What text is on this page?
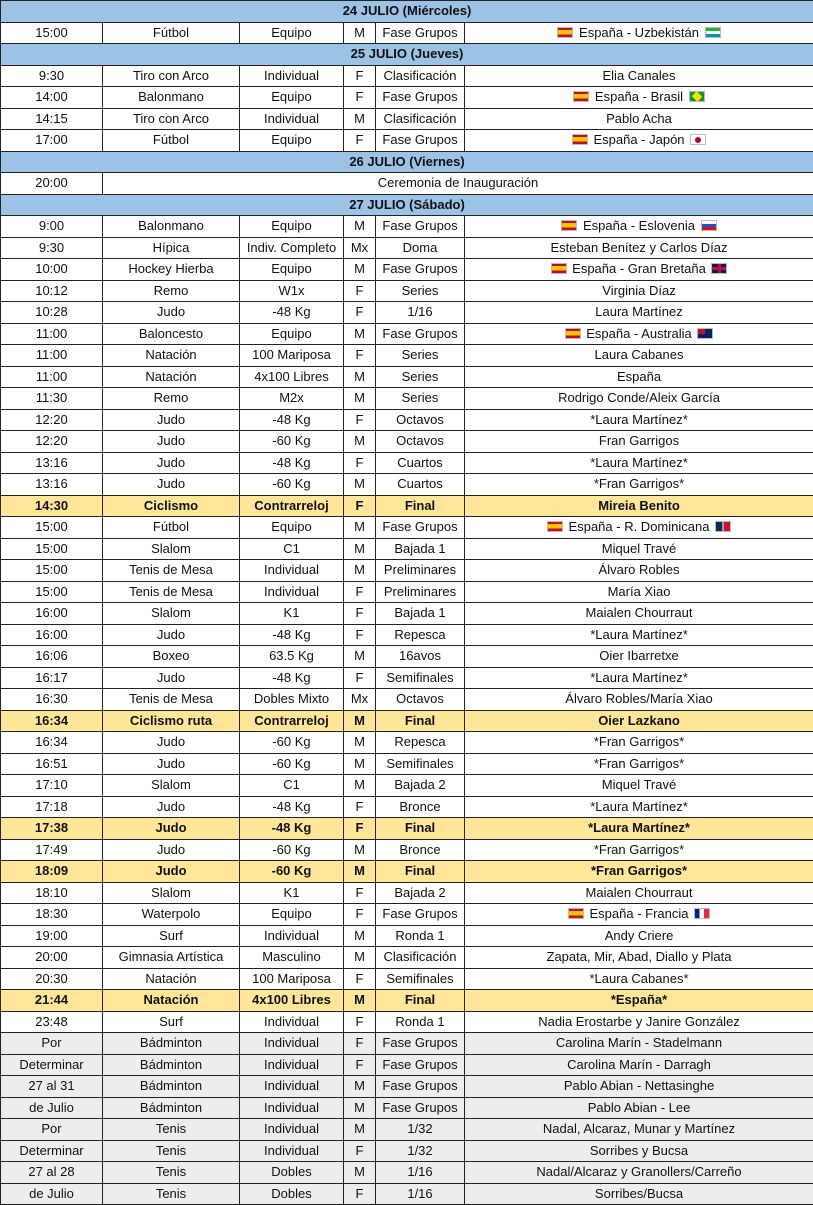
24 JULIO (Miércoles)					
15:00	Fútbol	Equipo	M	Fase Grupos	España - Uzbekistán
25 JULIO (Jueves)					
9:30	Tiro con Arco	Individual	F	Clasificación	Elia Canales
14:00	Balonmano	Equipo	F	Fase Grupos	España - Brasil
14:15	Tiro con Arco	Individual	M	Clasificación	Pablo Acha
17:00	Fútbol	Equipo	F	Fase Grupos	España - Japón
26 JULIO (Viernes)					
20:00	Ceremonia de Inauguración				
27 JULIO (Sábado)					
9:00	Balonmano	Equipo	M	Fase Grupos	España - Eslovenia
9:30	Hípica	Indiv. Completo	Mx	Doma	Esteban Benítez y Carlos Díaz
10:00	Hockey Hierba	Equipo	M	Fase Grupos	España - Gran Bretaña
10:12	Remo	W1x	F	Series	Virginia Díaz
10:28	Judo	-48 Kg	F	1/16	Laura Martínez
11:00	Baloncesto	Equipo	M	Fase Grupos	España - Australia
11:00	Natación	100 Mariposa	F	Series	Laura Cabanes
11:00	Natación	4x100 Libres	M	Series	España
11:30	Remo	M2x	M	Series	Rodrigo Conde/Aleix García
12:20	Judo	-48 Kg	F	Octavos	*Laura Martínez*
12:20	Judo	-60 Kg	M	Octavos	Fran Garrigos
13:16	Judo	-48 Kg	F	Cuartos	*Laura Martínez*
13:16	Judo	-60 Kg	M	Cuartos	*Fran Garrigos*
14:30	Ciclismo	Contrarreloj	F	Final	Mireia Benito
15:00	Fútbol	Equipo	M	Fase Grupos	España - R. Dominicana
15:00	Slalom	C1	M	Bajada 1	Miquel Travé
15:00	Tenis de Mesa	Individual	M	Preliminares	Álvaro Robles
15:00	Tenis de Mesa	Individual	F	Preliminares	María Xiao
16:00	Slalom	K1	F	Bajada 1	Maialen Chourraut
16:00	Judo	-48 Kg	F	Repesca	*Laura Martínez*
16:06	Boxeo	63.5 Kg	M	16avos	Oier Ibarretxe
16:17	Judo	-48 Kg	F	Semifinales	*Laura Martínez*
16:30	Tenis de Mesa	Dobles Mixto	Mx	Octavos	Álvaro Robles/María Xiao
16:34	Ciclismo ruta	Contrarreloj	M	Final	Oier Lazkano
16:34	Judo	-60 Kg	M	Repesca	*Fran Garrigos*
16:51	Judo	-60 Kg	M	Semifinales	*Fran Garrigos*
17:10	Slalom	C1	M	Bajada 2	Miquel Travé
17:18	Judo	-48 Kg	F	Bronce	*Laura Martínez*
17:38	Judo	-48 Kg	F	Final	*Laura Martínez*
17:49	Judo	-60 Kg	M	Bronce	*Fran Garrigos*
18:09	Judo	-60 Kg	M	Final	*Fran Garrigos*
18:10	Slalom	K1	F	Bajada 2	Maialen Chourraut
18:30	Waterpolo	Equipo	F	Fase Grupos	España - Francia
19:00	Surf	Individual	M	Ronda 1	Andy Criere
20:00	Gimnasia Artística	Masculino	M	Clasificación	Zapata, Mir, Abad, Diallo y Plata
20:30	Natación	100 Mariposa	F	Semifinales	*Laura Cabanes*
21:44	Natación	4x100 Libres	M	Final	*España*
23:48	Surf	Individual	F	Ronda 1	Nadia Erostarbe y Janire González
Por	Bádminton	Individual	F	Fase Grupos	Carolina Marín - Stadelmann
Determinar	Bádminton	Individual	F	Fase Grupos	Carolina Marín - Darragh
27 al 31	Bádminton	Individual	M	Fase Grupos	Pablo Abian - Nettasinghe
de Julio	Bádminton	Individual	M	Fase Grupos	Pablo Abian - Lee
Por	Tenis	Individual	M	1/32	Nadal, Alcaraz, Munar y Martínez
Determinar	Tenis	Individual	F	1/32	Sorribes y Bucsa
27 al 28	Tenis	Dobles	M	1/16	Nadal/Alcaraz y Granollers/Carreño
de Julio	Tenis	Dobles	F	1/16	Sorribes/Bucsa
